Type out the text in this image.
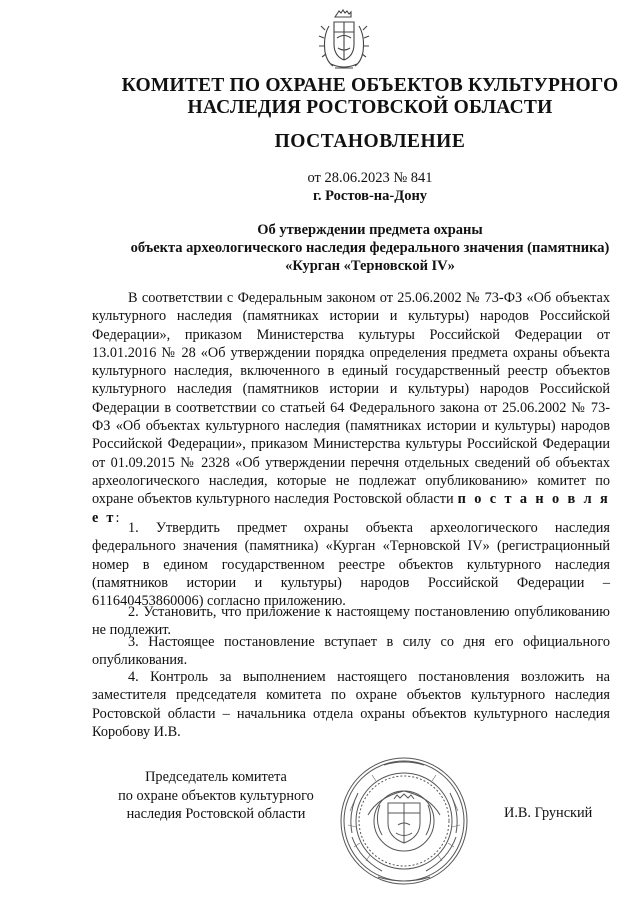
КОМИТЕТ ПО ОХРАНЕ ОБЪЕКТОВ КУЛЬТУРНОГО
НАСЛЕДИЯ РОСТОВСКОЙ ОБЛАСТИ
ПОСТАНОВЛЕНИЕ
от 28.06.2023 № 841
г. Ростов-на-Дону
Об утверждении предмета охраны
объекта археологического наследия федерального значения (памятника)
«Курган «Терновской IV»

В соответствии с Федеральным законом от 25.06.2002 № 73-ФЗ «Об объектах культурного наследия (памятниках истории и культуры) народов Российской Федерации», приказом Министерства культуры Российской Федерации от 13.01.2016 № 28 «Об утверждении порядка определения предмета охраны объекта культурного наследия, включенного в единый государственный реестр объектов культурного наследия (памятников истории и культуры) народов Российской Федерации в соответствии со статьей 64 Федерального закона от 25.06.2002 № 73-ФЗ «Об объектах культурного наследия (памятниках истории и культуры) народов Российской Федерации», приказом Министерства культуры Российской Федерации от 01.09.2015 № 2328 «Об утверждении перечня отдельных сведений об объектах археологического наследия, которые не подлежат опубликованию» комитет по охране объектов культурного наследия Ростовской области п о с т а н о в л я е т:

1. Утвердить предмет охраны объекта археологического наследия федерального значения (памятника) «Курган «Терновской IV» (регистрационный номер в едином государственном реестре объектов культурного наследия (памятников истории и культуры) народов Российской Федерации – 611640453860006) согласно приложению.

2. Установить, что приложение к настоящему постановлению опубликованию не подлежит.

3. Настоящее постановление вступает в силу со дня его официального опубликования.

4. Контроль за выполнением настоящего постановления возложить на заместителя председателя комитета по охране объектов культурного наследия Ростовской области – начальника отдела охраны объектов культурного наследия Коробову И.В.

Председатель комитета
по охране объектов культурного
наследия Ростовской области	И.В. Грунский
